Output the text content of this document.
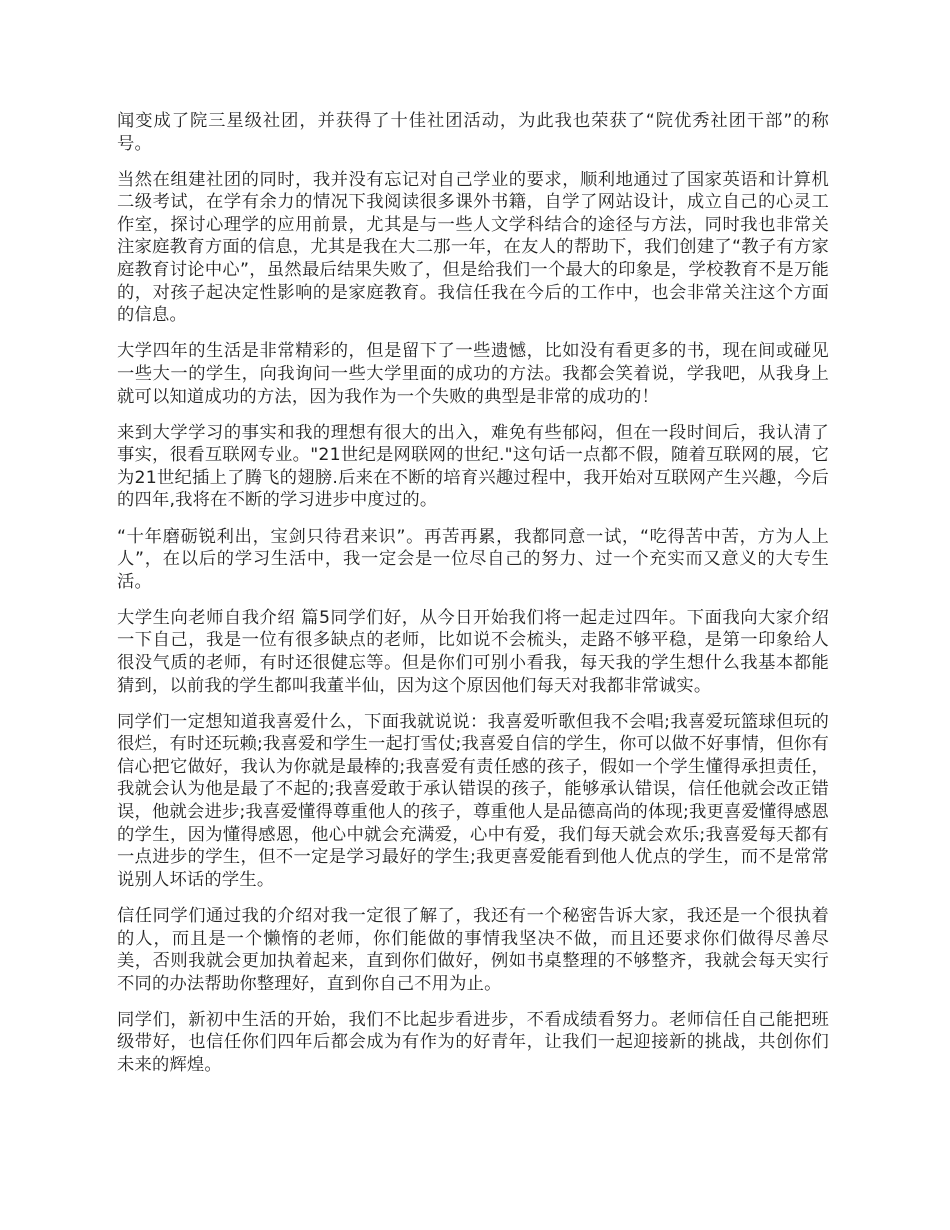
闻变成了院三星级社团，并获得了十佳社团活动，为此我也荣获了“院优秀社团干部”的称号。

当然在组建社团的同时，我并没有忘记对自己学业的要求，顺利地通过了国家英语和计算机二级考试，在学有余力的情况下我阅读很多课外书籍，自学了网站设计，成立自己的心灵工作室，探讨心理学的应用前景，尤其是与一些人文学科结合的途径与方法，同时我也非常关注家庭教育方面的信息，尤其是我在大二那一年，在友人的帮助下，我们创建了“教子有方家庭教育讨论中心”，虽然最后结果失败了，但是给我们一个最大的印象是，学校教育不是万能的，对孩子起决定性影响的是家庭教育。我信任我在今后的工作中，也会非常关注这个方面的信息。

大学四年的生活是非常精彩的，但是留下了一些遗憾，比如没有看更多的书，现在间或碰见一些大一的学生，向我询问一些大学里面的成功的方法。我都会笑着说，学我吧，从我身上就可以知道成功的方法，因为我作为一个失败的典型是非常的成功的！

来到大学学习的事实和我的理想有很大的出入，难免有些郁闷，但在一段时间后，我认清了事实，很看互联网专业。"21世纪是网联网的世纪."这句话一点都不假，随着互联网的展，它为21世纪插上了腾飞的翅膀.后来在不断的培育兴趣过程中，我开始对互联网产生兴趣，今后的四年,我将在不断的学习进步中度过的。

“十年磨砺锐利出，宝剑只待君来识”。再苦再累，我都同意一试，“吃得苦中苦，方为人上人”，在以后的学习生活中，我一定会是一位尽自己的努力、过一个充实而又意义的大专生活。

大学生向老师自我介绍 篇5同学们好，从今日开始我们将一起走过四年。下面我向大家介绍一下自己，我是一位有很多缺点的老师，比如说不会梳头，走路不够平稳，是第一印象给人很没气质的老师，有时还很健忘等。但是你们可别小看我，每天我的学生想什么我基本都能猜到，以前我的学生都叫我董半仙，因为这个原因他们每天对我都非常诚实。

同学们一定想知道我喜爱什么，下面我就说说：我喜爱听歌但我不会唱;我喜爱玩篮球但玩的很烂，有时还玩赖;我喜爱和学生一起打雪仗;我喜爱自信的学生，你可以做不好事情，但你有信心把它做好，我认为你就是最棒的;我喜爱有责任感的孩子，假如一个学生懂得承担责任，我就会认为他是最了不起的;我喜爱敢于承认错误的孩子，能够承认错误，信任他就会改正错误，他就会进步;我喜爱懂得尊重他人的孩子，尊重他人是品德高尚的体现;我更喜爱懂得感恩的学生，因为懂得感恩，他心中就会充满爱，心中有爱，我们每天就会欢乐;我喜爱每天都有一点进步的学生，但不一定是学习最好的学生;我更喜爱能看到他人优点的学生，而不是常常说别人坏话的学生。

信任同学们通过我的介绍对我一定很了解了，我还有一个秘密告诉大家，我还是一个很执着的人，而且是一个懒惰的老师，你们能做的事情我坚决不做，而且还要求你们做得尽善尽美，否则我就会更加执着起来，直到你们做好，例如书桌整理的不够整齐，我就会每天实行不同的办法帮助你整理好，直到你自己不用为止。

同学们，新初中生活的开始，我们不比起步看进步，不看成绩看努力。老师信任自己能把班级带好，也信任你们四年后都会成为有作为的好青年，让我们一起迎接新的挑战，共创你们未来的辉煌。
